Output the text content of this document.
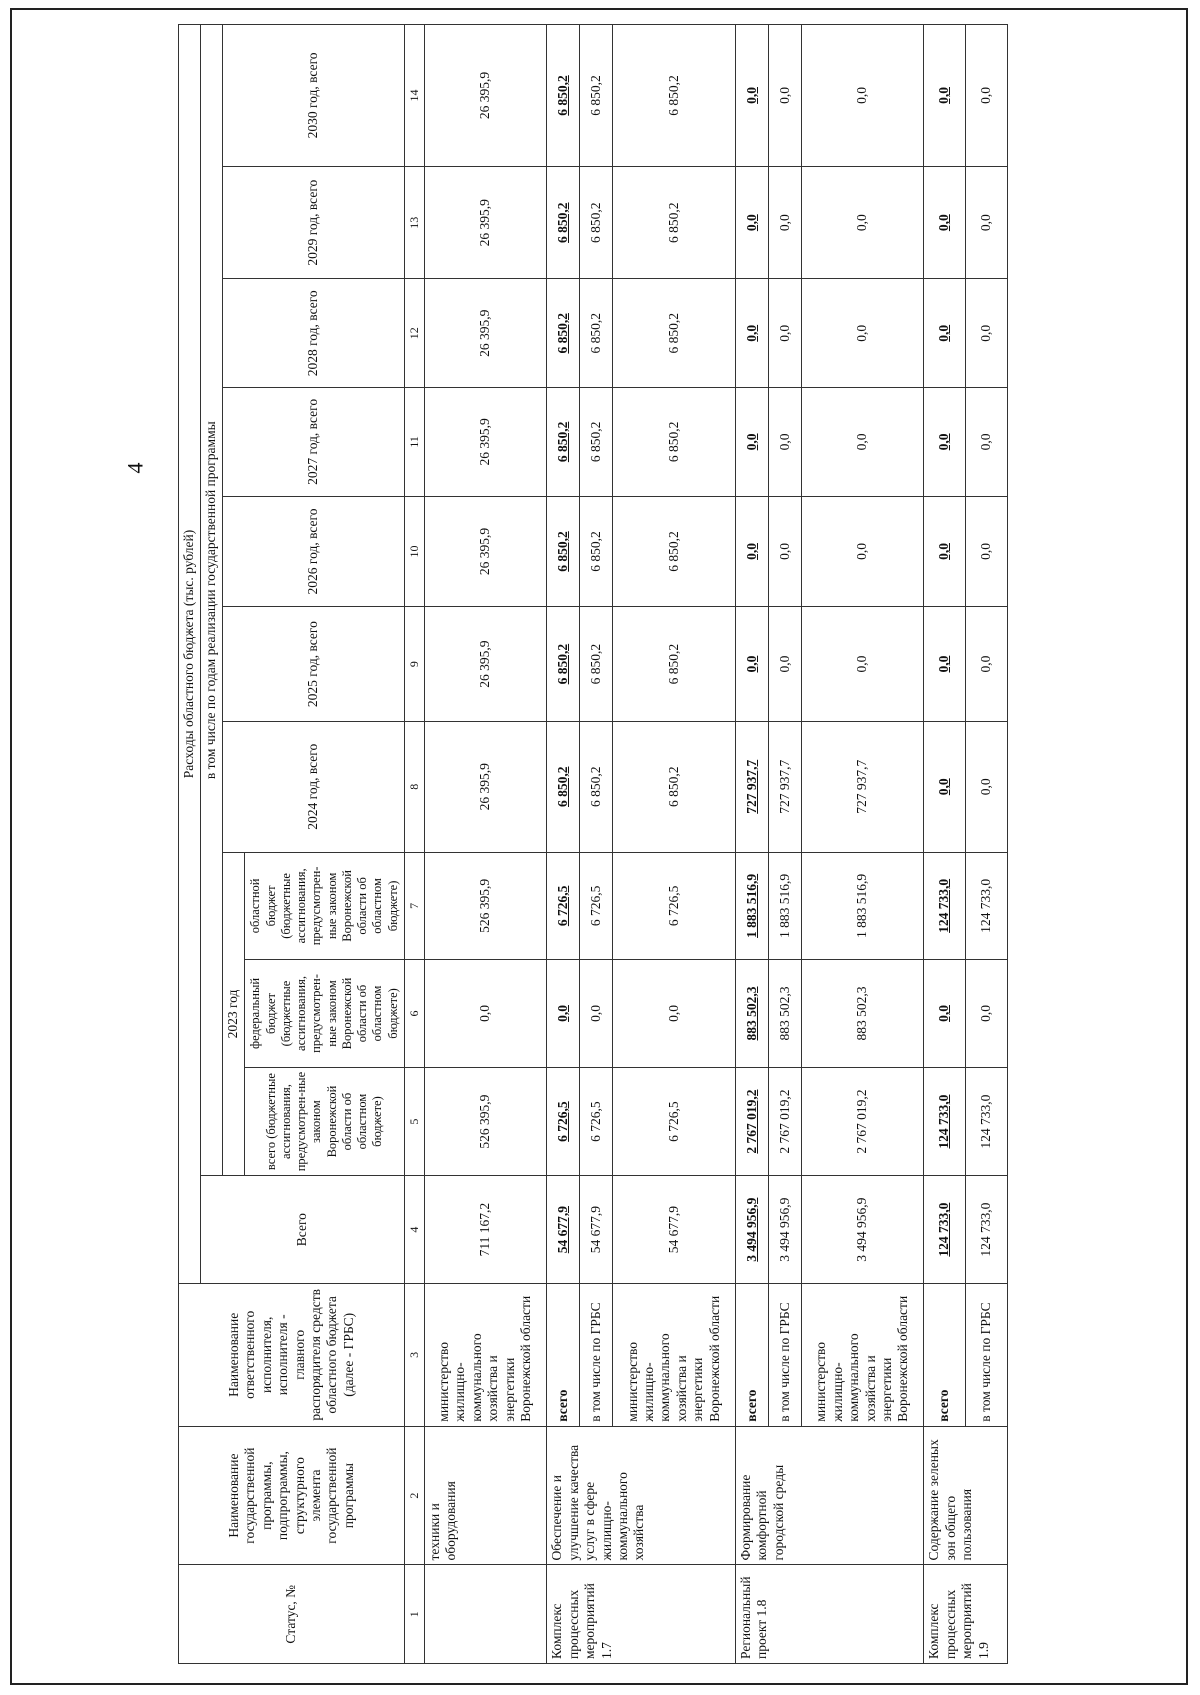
4
Статус, №	Наименование государственной программы, подпрограммы, структурного элемента государственной программы	Наименование ответственного исполнителя, исполнителя - главного распорядителя средств областного бюджета (далее - ГРБС)	Расходы областного бюджета (тыс. рублей)										
			Всего	в том числе по годам реализации государственной программы									
				2023 год			2024 год, всего	2025 год, всего	2026 год, всего	2027 год, всего	2028 год, всего	2029 год, всего	2030 год, всего
				всего (бюджетные ассигнования, предусмотрен-ные законом Воронежской области об областном бюджете)	федеральный бюджет (бюджетные ассигнования, предусмотрен-ные законом Воронежской области об областном бюджете)	областной бюджет (бюджетные ассигнования, предусмотрен-ные законом Воронежской области об областном бюджете)							
1	2	3	4	5	6	7	8	9	10	11	12	13	14
	техники и оборудования	министерство жилищно-коммунального хозяйства и энергетики Воронежской области	711 167,2	526 395,9	0,0	526 395,9	26 395,9	26 395,9	26 395,9	26 395,9	26 395,9	26 395,9	26 395,9
Комплекс процессных мероприятий 1.7	Обеспечение и улучшение качества услуг в сфере жилищно-коммунального хозяйства	всего	54 677,9	6 726,5	0,0	6 726,5	6 850,2	6 850,2	6 850,2	6 850,2	6 850,2	6 850,2	6 850,2
		в том числе по ГРБС	54 677,9	6 726,5	0,0	6 726,5	6 850,2	6 850,2	6 850,2	6 850,2	6 850,2	6 850,2	6 850,2
		министерство жилищно-коммунального хозяйства и энергетики Воронежской области	54 677,9	6 726,5	0,0	6 726,5	6 850,2	6 850,2	6 850,2	6 850,2	6 850,2	6 850,2	6 850,2
Региональный проект 1.8	Формирование комфортной городской среды	всего	3 494 956,9	2 767 019,2	883 502,3	1 883 516,9	727 937,7	0,0	0,0	0,0	0,0	0,0	0,0
		в том числе по ГРБС	3 494 956,9	2 767 019,2	883 502,3	1 883 516,9	727 937,7	0,0	0,0	0,0	0,0	0,0	0,0
		министерство жилищно-коммунального хозяйства и энергетики Воронежской области	3 494 956,9	2 767 019,2	883 502,3	1 883 516,9	727 937,7	0,0	0,0	0,0	0,0	0,0	0,0
Комплекс процессных мероприятий 1.9	Содержание зеленых зон общего пользования	всего	124 733,0	124 733,0	0,0	124 733,0	0,0	0,0	0,0	0,0	0,0	0,0	0,0
		в том числе по ГРБС	124 733,0	124 733,0	0,0	124 733,0	0,0	0,0	0,0	0,0	0,0	0,0	0,0
